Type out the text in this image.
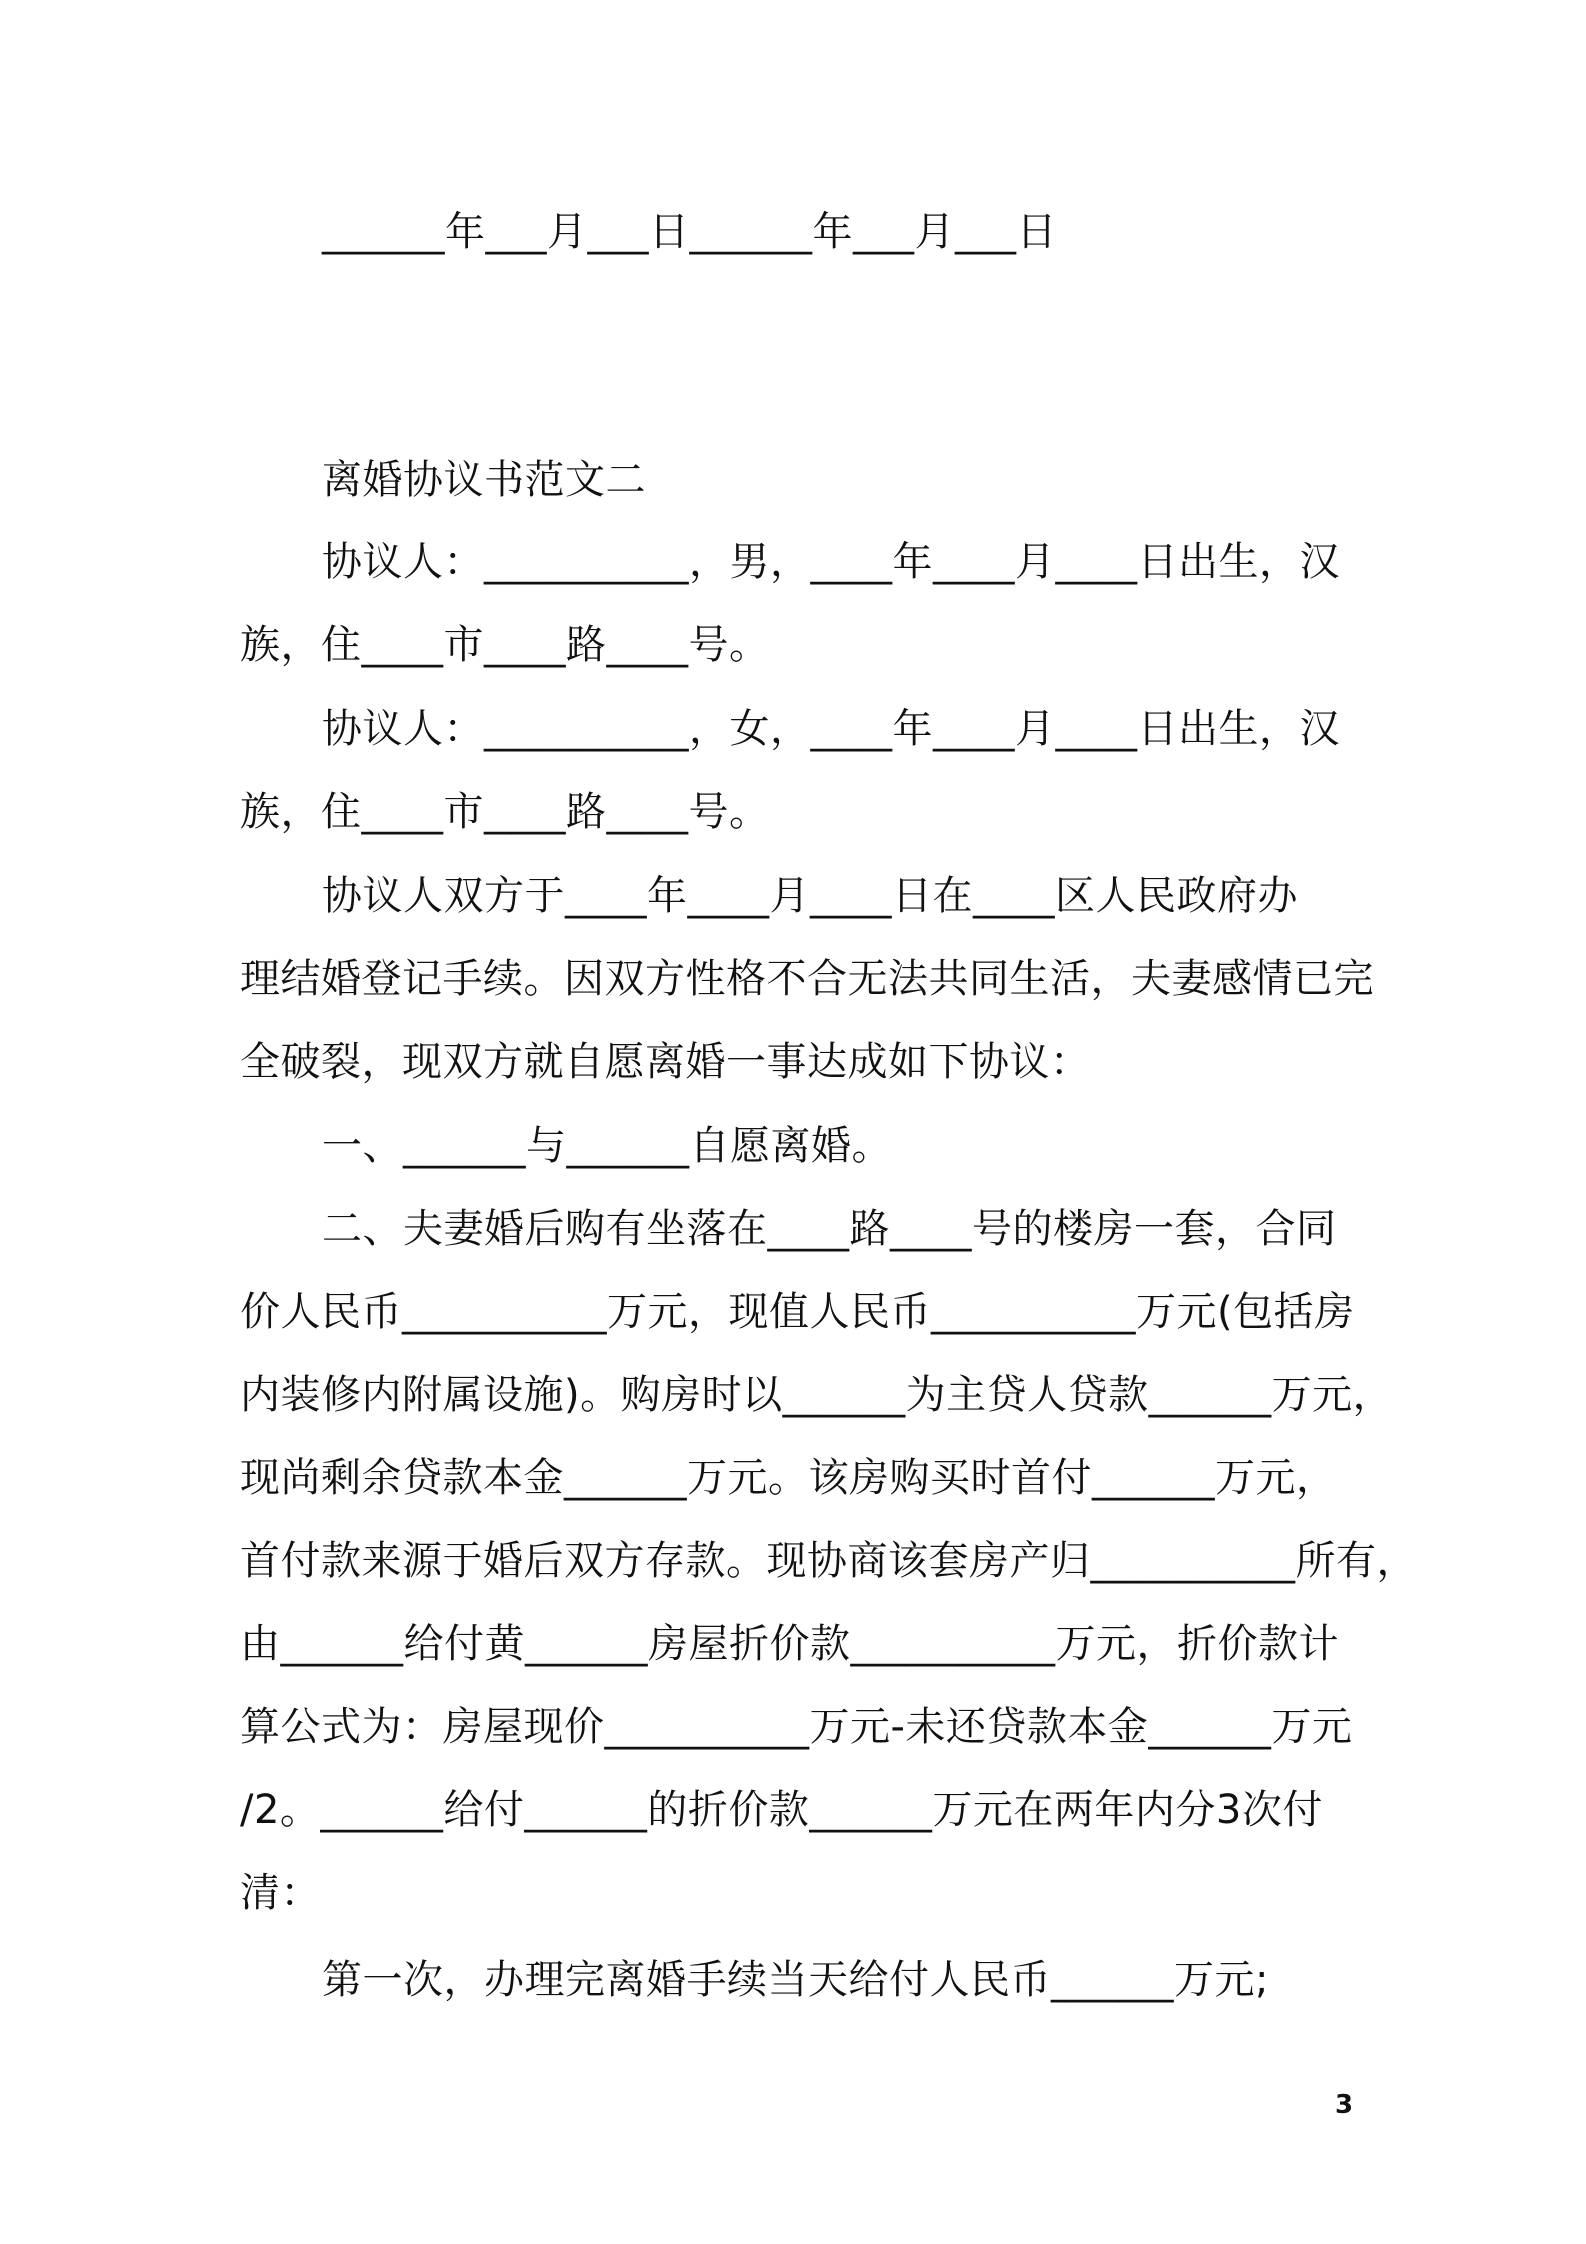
______年___月___日______年___月___日
离婚协议书范文二
协议人：__________，男，____年____月____日出生，汉
族，住____市____路____号。
协议人：__________，女，____年____月____日出生，汉
族，住____市____路____号。
协议人双方于____年____月____日在____区人民政府办
理结婚登记手续。因双方性格不合无法共同生活，夫妻感情已完
全破裂，现双方就自愿离婚一事达成如下协议：
一、______与______自愿离婚。
二、夫妻婚后购有坐落在____路____号的楼房一套，合同
价人民币__________万元，现值人民币__________万元(包括房
内装修内附属设施)。购房时以______为主贷人贷款______万元，
现尚剩余贷款本金______万元。该房购买时首付______万元，
首付款来源于婚后双方存款。现协商该套房产归__________所有，
由______给付黄______房屋折价款__________万元，折价款计
算公式为：房屋现价__________万元-未还贷款本金______万元
/2。______给付______的折价款______万元在两年内分3次付
清：
第一次，办理完离婚手续当天给付人民币______万元;
3
